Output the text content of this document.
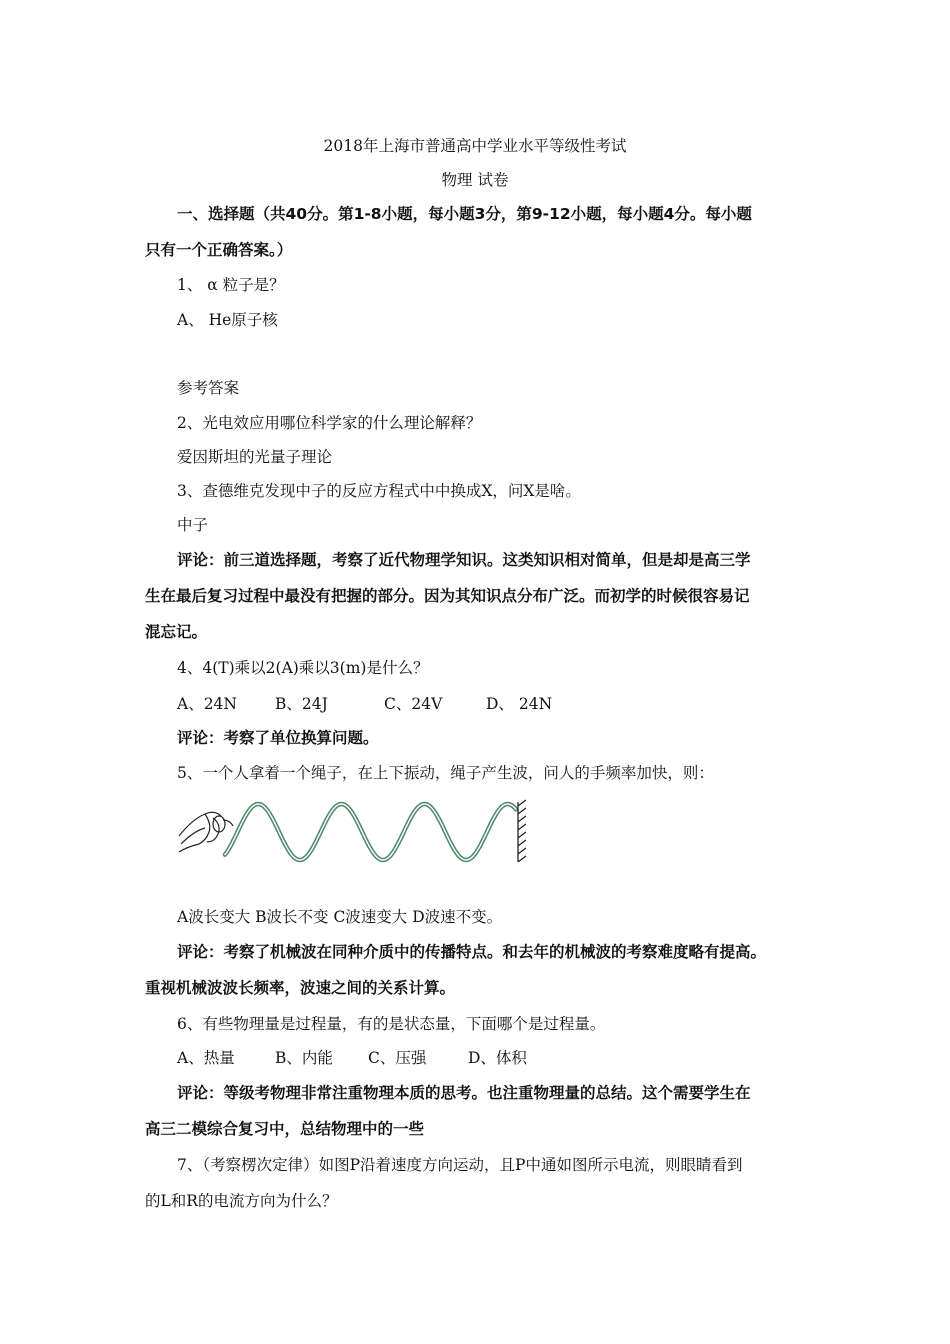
2018年上海市普通高中学业水平等级性考试
物理 试卷
一、选择题（共40分。第1-8小题，每小题3分，第9-12小题，每小题4分。每小题
只有一个正确答案。）
1、 α 粒子是？
A、 He原子核
参考答案
2、光电效应用哪位科学家的什么理论解释？
爱因斯坦的光量子理论
3、查德维克发现中子的反应方程式中中换成X，问X是啥。
中子
评论：前三道选择题，考察了近代物理学知识。这类知识相对简单，但是却是高三学
生在最后复习过程中最没有把握的部分。因为其知识点分布广泛。而初学的时候很容易记
混忘记。
4、4(T)乘以2(A)乘以3(m)是什么？
A、24N B、24J	C、24V	D、 24N
评论：考察了单位换算问题。
5、一个人拿着一个绳子，在上下振动，绳子产生波，问人的手频率加快，则：
A波长变大 B波长不变 C波速变大 D波速不变。
评论：考察了机械波在同种介质中的传播特点。和去年的机械波的考察难度略有提高。
重视机械波波长频率，波速之间的关系计算。
6、有些物理量是过程量，有的是状态量，下面哪个是过程量。
A、热量	B、内能 C、压强	D、体积
评论：等级考物理非常注重物理本质的思考。也注重物理量的总结。这个需要学生在
高三二模综合复习中，总结物理中的一些
7、（考察楞次定律）如图P沿着速度方向运动，且P中通如图所示电流，则眼睛看到
的L和R的电流方向为什么？
